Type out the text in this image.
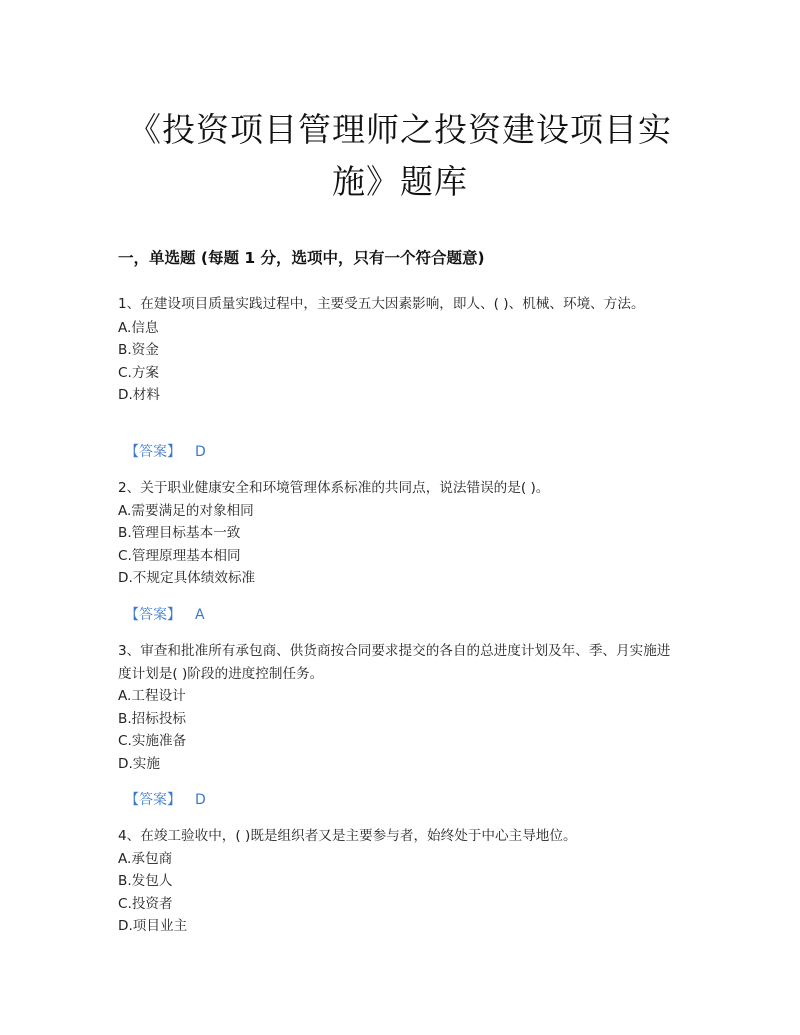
《投资项目管理师之投资建设项目实
施》题库
一，单选题 (每题 1 分，选项中，只有一个符合题意)
1、在建设项目质量实践过程中，主要受五大因素影响，即人、( )、机械、环境、方法。
A.信息
B.资金
C.方案
D.材料
【答案】 D
2、关于职业健康安全和环境管理体系标准的共同点，说法错误的是( )。
A.需要满足的对象相同
B.管理目标基本一致
C.管理原理基本相同
D.不规定具体绩效标准
【答案】 A
3、审查和批准所有承包商、供货商按合同要求提交的各自的总进度计划及年、季、月实施进度计划是( )阶段的进度控制任务。
A.工程设计
B.招标投标
C.实施准备
D.实施
【答案】 D
4、在竣工验收中，( )既是组织者又是主要参与者，始终处于中心主导地位。
A.承包商
B.发包人
C.投资者
D.项目业主
